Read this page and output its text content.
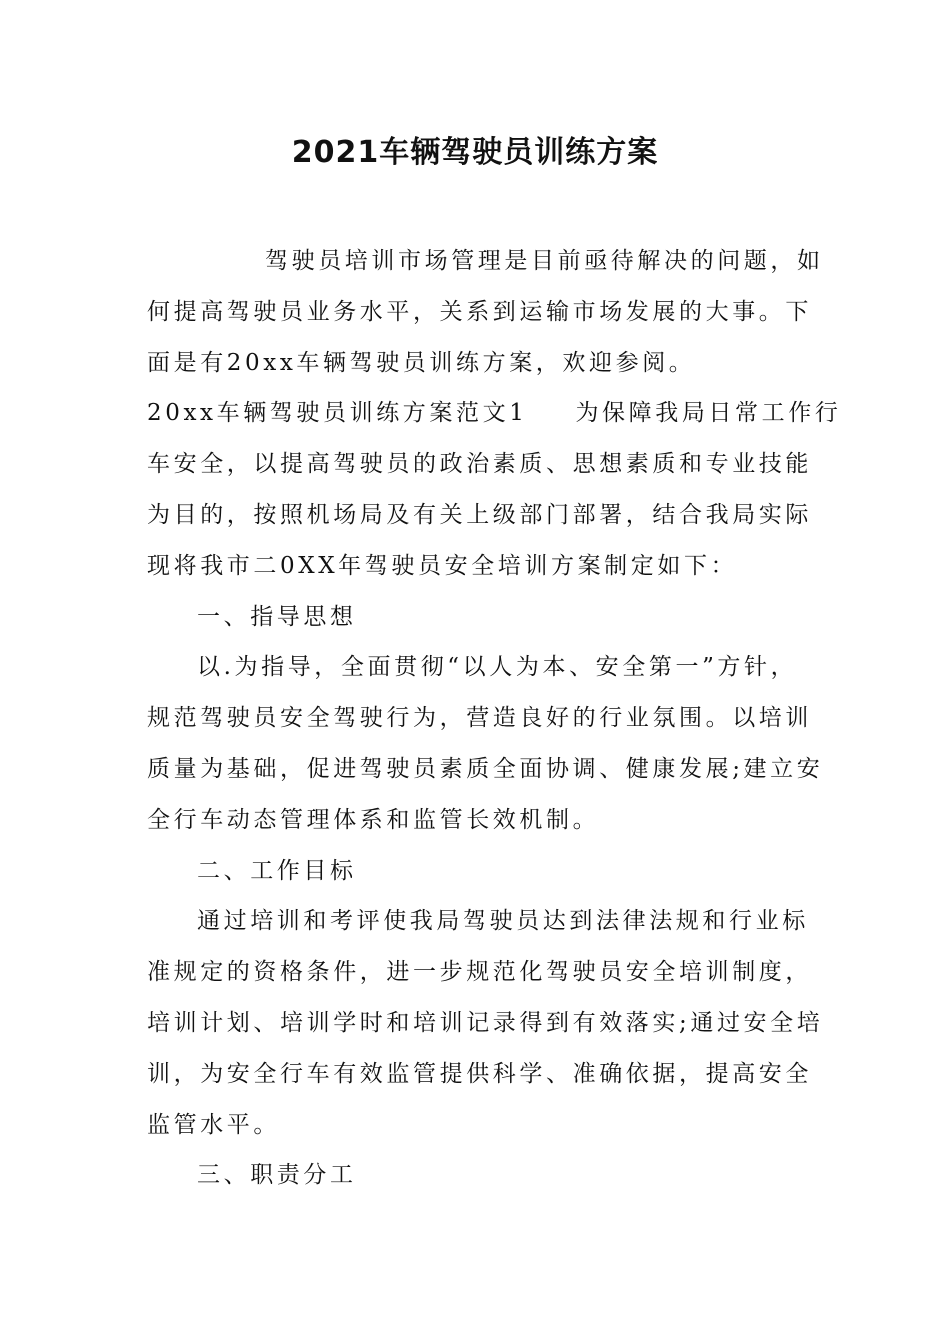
2021车辆驾驶员训练方案
驾驶员培训市场管理是目前亟待解决的问题，如
何提高驾驶员业务水平，关系到运输市场发展的大事。下
面是有20xx车辆驾驶员训练方案，欢迎参阅。
20xx车辆驾驶员训练方案范文1 为保障我局日常工作行
车安全，以提高驾驶员的政治素质、思想素质和专业技能
为目的，按照机场局及有关上级部门部署，结合我局实际
现将我市二0XX年驾驶员安全培训方案制定如下：
一、指导思想
以.为指导，全面贯彻“以人为本、安全第一”方针，
规范驾驶员安全驾驶行为，营造良好的行业氛围。以培训
质量为基础，促进驾驶员素质全面协调、健康发展;建立安
全行车动态管理体系和监管长效机制。
二、工作目标
通过培训和考评使我局驾驶员达到法律法规和行业标
准规定的资格条件，进一步规范化驾驶员安全培训制度，
培训计划、培训学时和培训记录得到有效落实;通过安全培
训，为安全行车有效监管提供科学、准确依据，提高安全
监管水平。
三、职责分工
